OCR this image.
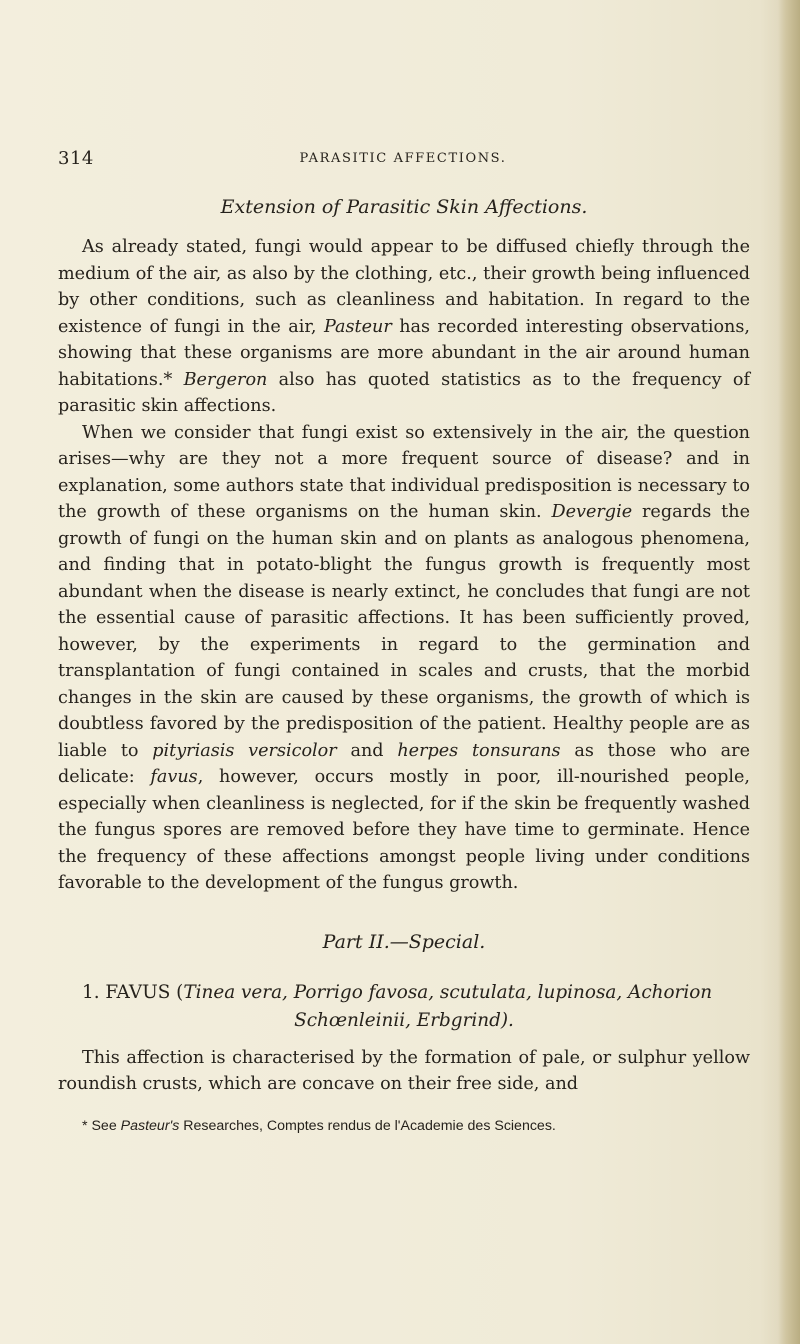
314	PARASITIC AFFECTIONS.
Extension of Parasitic Skin Affections.

As already stated, fungi would appear to be diffused chiefly through the medium of the air, as also by the clothing, etc., their growth being influenced by other conditions, such as cleanliness and habitation. In regard to the existence of fungi in the air, Pasteur has recorded interesting observations, showing that these organisms are more abundant in the air around human habitations.* Bergeron also has quoted statistics as to the frequency of parasitic skin affections.

When we consider that fungi exist so extensively in the air, the question arises—why are they not a more frequent source of disease? and in explanation, some authors state that individual predisposition is necessary to the growth of these organisms on the human skin. Devergie regards the growth of fungi on the human skin and on plants as analogous phenomena, and finding that in potato-blight the fungus growth is frequently most abundant when the disease is nearly extinct, he concludes that fungi are not the essential cause of parasitic affections. It has been sufficiently proved, however, by the experiments in regard to the germination and transplantation of fungi contained in scales and crusts, that the morbid changes in the skin are caused by these organisms, the growth of which is doubtless favored by the predisposition of the patient. Healthy people are as liable to pityriasis versicolor and herpes tonsurans as those who are delicate: favus, however, occurs mostly in poor, ill-nourished people, especially when cleanliness is neglected, for if the skin be frequently washed the fungus spores are removed before they have time to germinate. Hence the frequency of these affections amongst people living under conditions favorable to the development of the fungus growth.

Part II.—Special.
1. FAVUS (Tinea vera, Porrigo favosa, scutulata, lupinosa, Achorion
Schœnleinii, Erbgrind).

This affection is characterised by the formation of pale, or sulphur yellow roundish crusts, which are concave on their free side, and

* See Pasteur's Researches, Comptes rendus de l'Academie des Sciences.
